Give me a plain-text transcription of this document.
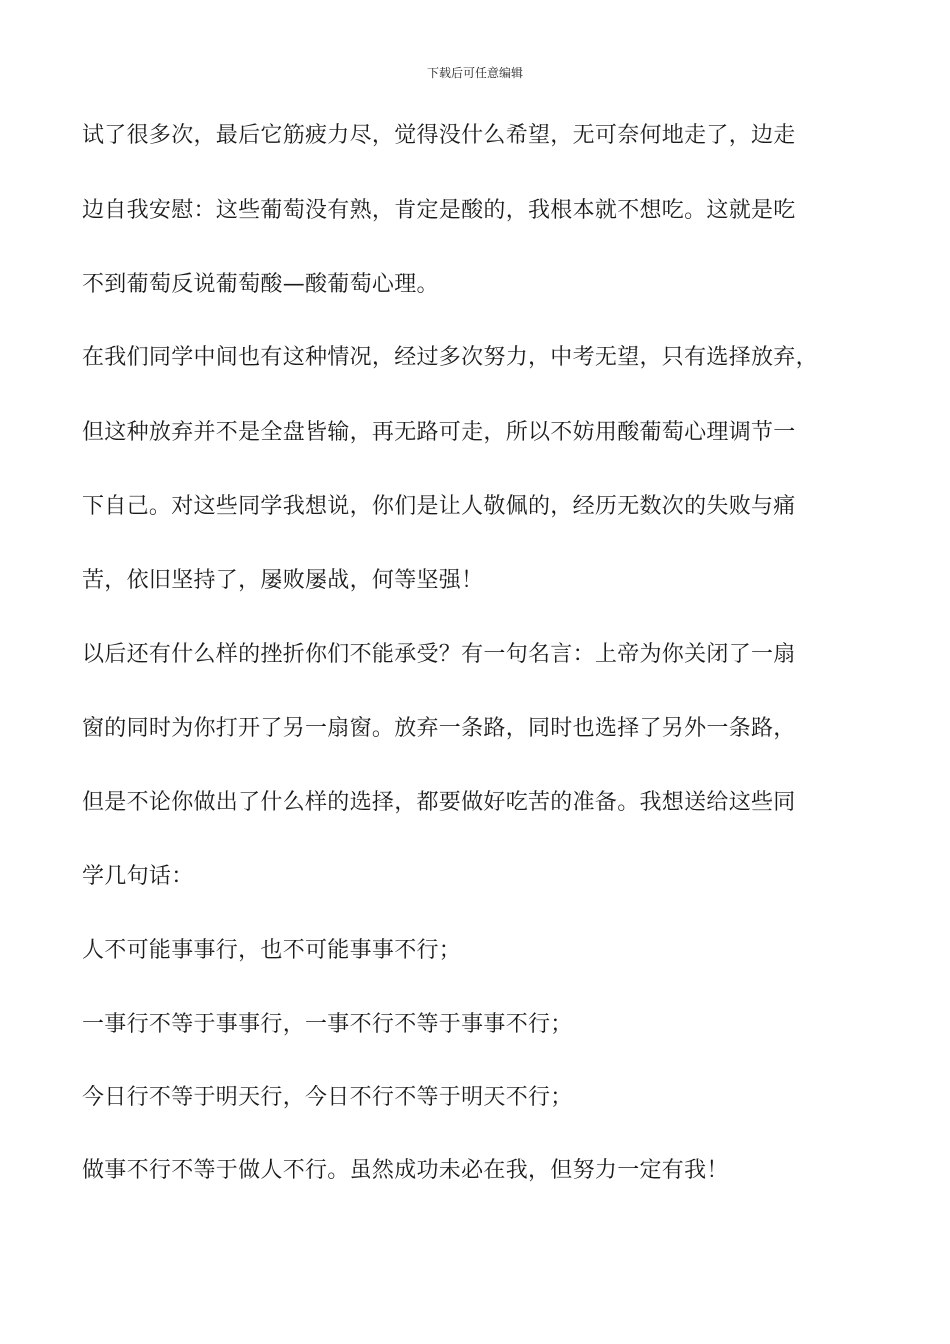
下载后可任意编辑
试了很多次，最后它筋疲力尽，觉得没什么希望，无可奈何地走了，边走
边自我安慰：这些葡萄没有熟，肯定是酸的，我根本就不想吃。这就是吃
不到葡萄反说葡萄酸—酸葡萄心理。
在我们同学中间也有这种情况，经过多次努力，中考无望，只有选择放弃，
但这种放弃并不是全盘皆输，再无路可走，所以不妨用酸葡萄心理调节一
下自己。对这些同学我想说，你们是让人敬佩的，经历无数次的失败与痛
苦，依旧坚持了，屡败屡战，何等坚强！
以后还有什么样的挫折你们不能承受？有一句名言：上帝为你关闭了一扇
窗的同时为你打开了另一扇窗。放弃一条路，同时也选择了另外一条路，
但是不论你做出了什么样的选择，都要做好吃苦的准备。我想送给这些同
学几句话：
人不可能事事行，也不可能事事不行；
一事行不等于事事行，一事不行不等于事事不行；
今日行不等于明天行，今日不行不等于明天不行；
做事不行不等于做人不行。虽然成功未必在我，但努力一定有我！
